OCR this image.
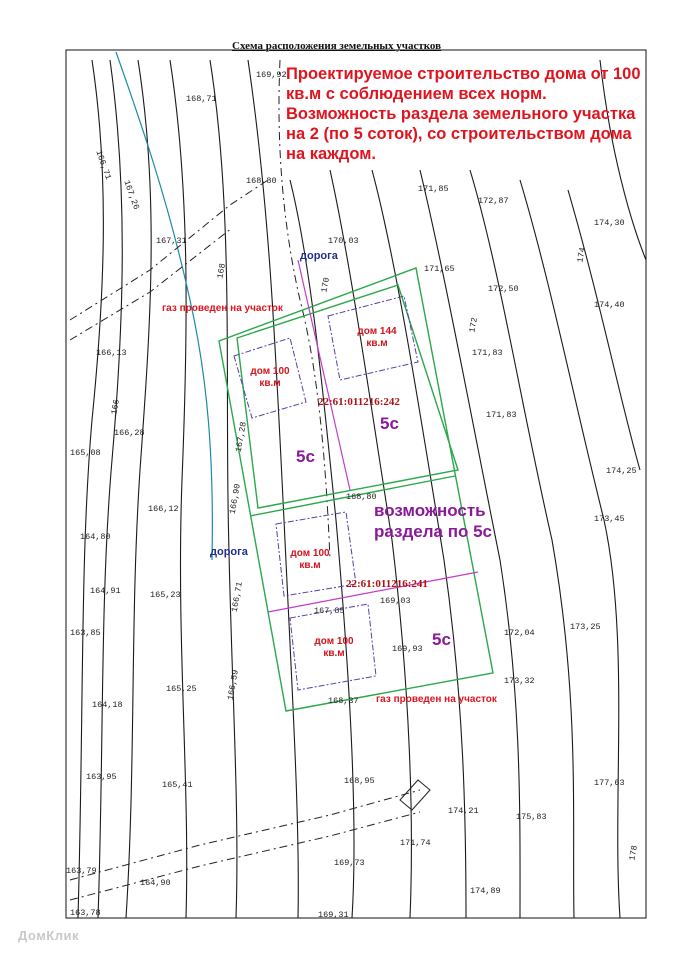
Схема расположения земельных участков
Проектируемое строительство дома от 100 кв.м с соблюдением всех норм. Возможность раздела земельного участка на 2 (по 5 соток), со строительством дома на каждом.
дорога
дорога
газ проведен на участок
газ проведен на участок
дом 100 кв.м
дом 144 кв.м
дом 100 кв.м
дом 100 кв.м
22:61:011216:242
22:61:011216:241
5с
5с
5с
возможность раздела по 5с
169,92
168,71
166,71
167,26
167,31
168,80
170,03
171,85
172,87
174,30
171,65
172,50
174,40
166,13	171,83
171,83
166,28
165,08
174,25
166,12
164,80
173,45
164,91	165,23
163,85
169,03
172,04
173,25
169,93
173,32
165,25
164,18
163,95
165,41	168,95	177,63
175,83
174,21
163,79
164,90
163,78
169,73
174,89
169,31
171,74
167,28
166,90
166,71
166,59
167,85
168,37
168,80
168
170
172
174
166
178
ДомКлик
